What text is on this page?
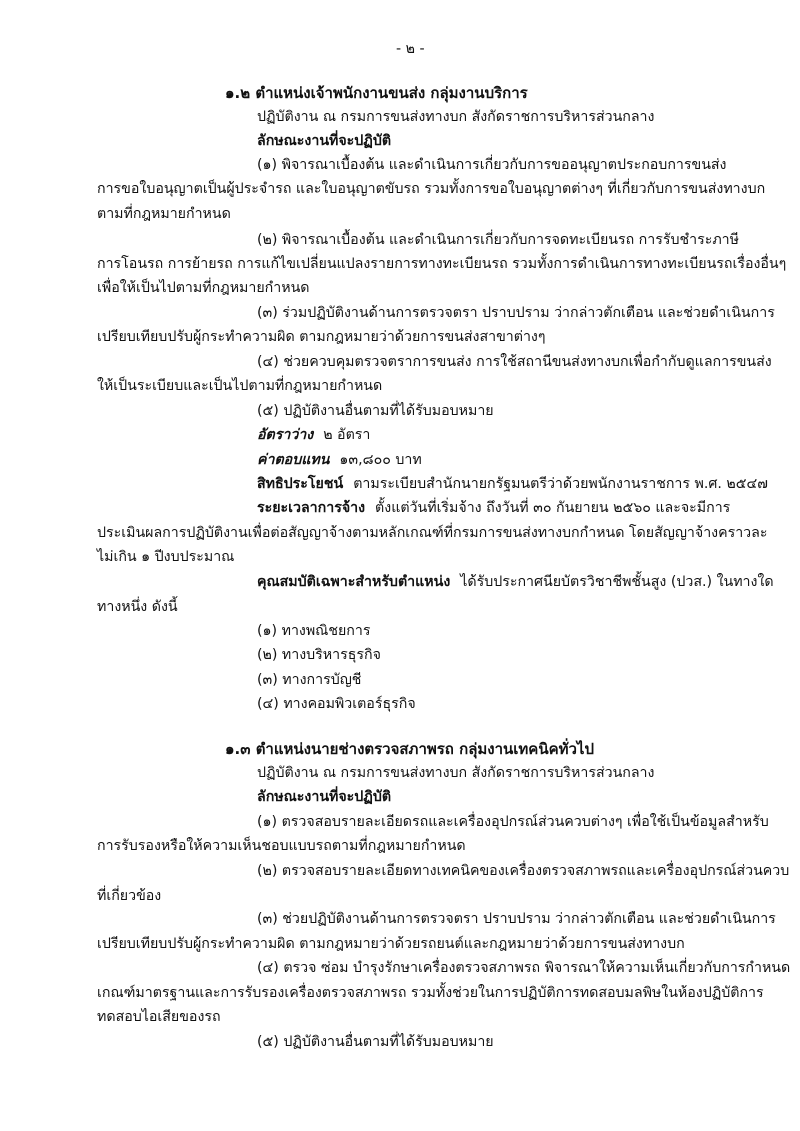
- ๒ -
๑.๒ ตำแหน่งเจ้าพนักงานขนส่ง กลุ่มงานบริการ
ปฏิบัติงาน ณ กรมการขนส่งทางบก สังกัดราชการบริหารส่วนกลาง
ลักษณะงานที่จะปฏิบัติ
(๑) พิจารณาเบื้องต้น และดำเนินการเกี่ยวกับการขออนุญาตประกอบการขนส่ง
การขอใบอนุญาตเป็นผู้ประจำรถ และใบอนุญาตขับรถ รวมทั้งการขอใบอนุญาตต่างๆ ที่เกี่ยวกับการขนส่งทางบก
ตามที่กฎหมายกำหนด
(๒) พิจารณาเบื้องต้น และดำเนินการเกี่ยวกับการจดทะเบียนรถ การรับชำระภาษี
การโอนรถ การย้ายรถ การแก้ไขเปลี่ยนแปลงรายการทางทะเบียนรถ รวมทั้งการดำเนินการทางทะเบียนรถเรื่องอื่นๆ
เพื่อให้เป็นไปตามที่กฎหมายกำหนด
(๓) ร่วมปฏิบัติงานด้านการตรวจตรา ปราบปราม ว่ากล่าวตักเตือน และช่วยดำเนินการ
เปรียบเทียบปรับผู้กระทำความผิด ตามกฎหมายว่าด้วยการขนส่งสาขาต่างๆ
(๔) ช่วยควบคุมตรวจตราการขนส่ง การใช้สถานีขนส่งทางบกเพื่อกำกับดูแลการขนส่ง
ให้เป็นระเบียบและเป็นไปตามที่กฎหมายกำหนด
(๕) ปฏิบัติงานอื่นตามที่ได้รับมอบหมาย
อัตราว่าง ๒ อัตรา
ค่าตอบแทน ๑๓,๘๐๐ บาท
สิทธิประโยชน์ ตามระเบียบสำนักนายกรัฐมนตรีว่าด้วยพนักงานราชการ พ.ศ. ๒๕๔๗
ระยะเวลาการจ้าง ตั้งแต่วันที่เริ่มจ้าง ถึงวันที่ ๓๐ กันยายน ๒๕๖๐ และจะมีการ
ประเมินผลการปฏิบัติงานเพื่อต่อสัญญาจ้างตามหลักเกณฑ์ที่กรมการขนส่งทางบกกำหนด โดยสัญญาจ้างคราวละ
ไม่เกิน ๑ ปีงบประมาณ
คุณสมบัติเฉพาะสำหรับตำแหน่ง ได้รับประกาศนียบัตรวิชาชีพชั้นสูง (ปวส.) ในทางใด
ทางหนึ่ง ดังนี้
(๑) ทางพณิชยการ
(๒) ทางบริหารธุรกิจ
(๓) ทางการบัญชี
(๔) ทางคอมพิวเตอร์ธุรกิจ
๑.๓ ตำแหน่งนายช่างตรวจสภาพรถ กลุ่มงานเทคนิคทั่วไป
ปฏิบัติงาน ณ กรมการขนส่งทางบก สังกัดราชการบริหารส่วนกลาง
ลักษณะงานที่จะปฏิบัติ
(๑) ตรวจสอบรายละเอียดรถและเครื่องอุปกรณ์ส่วนควบต่างๆ เพื่อใช้เป็นข้อมูลสำหรับ
การรับรองหรือให้ความเห็นชอบแบบรถตามที่กฎหมายกำหนด
(๒) ตรวจสอบรายละเอียดทางเทคนิคของเครื่องตรวจสภาพรถและเครื่องอุปกรณ์ส่วนควบ
ที่เกี่ยวข้อง
(๓) ช่วยปฏิบัติงานด้านการตรวจตรา ปราบปราม ว่ากล่าวตักเตือน และช่วยดำเนินการ
เปรียบเทียบปรับผู้กระทำความผิด ตามกฎหมายว่าด้วยรถยนต์และกฎหมายว่าด้วยการขนส่งทางบก
(๔) ตรวจ ซ่อม บำรุงรักษาเครื่องตรวจสภาพรถ พิจารณาให้ความเห็นเกี่ยวกับการกำหนด
เกณฑ์มาตรฐานและการรับรองเครื่องตรวจสภาพรถ รวมทั้งช่วยในการปฏิบัติการทดสอบมลพิษในห้องปฏิบัติการ
ทดสอบไอเสียของรถ
(๕) ปฏิบัติงานอื่นตามที่ได้รับมอบหมาย
